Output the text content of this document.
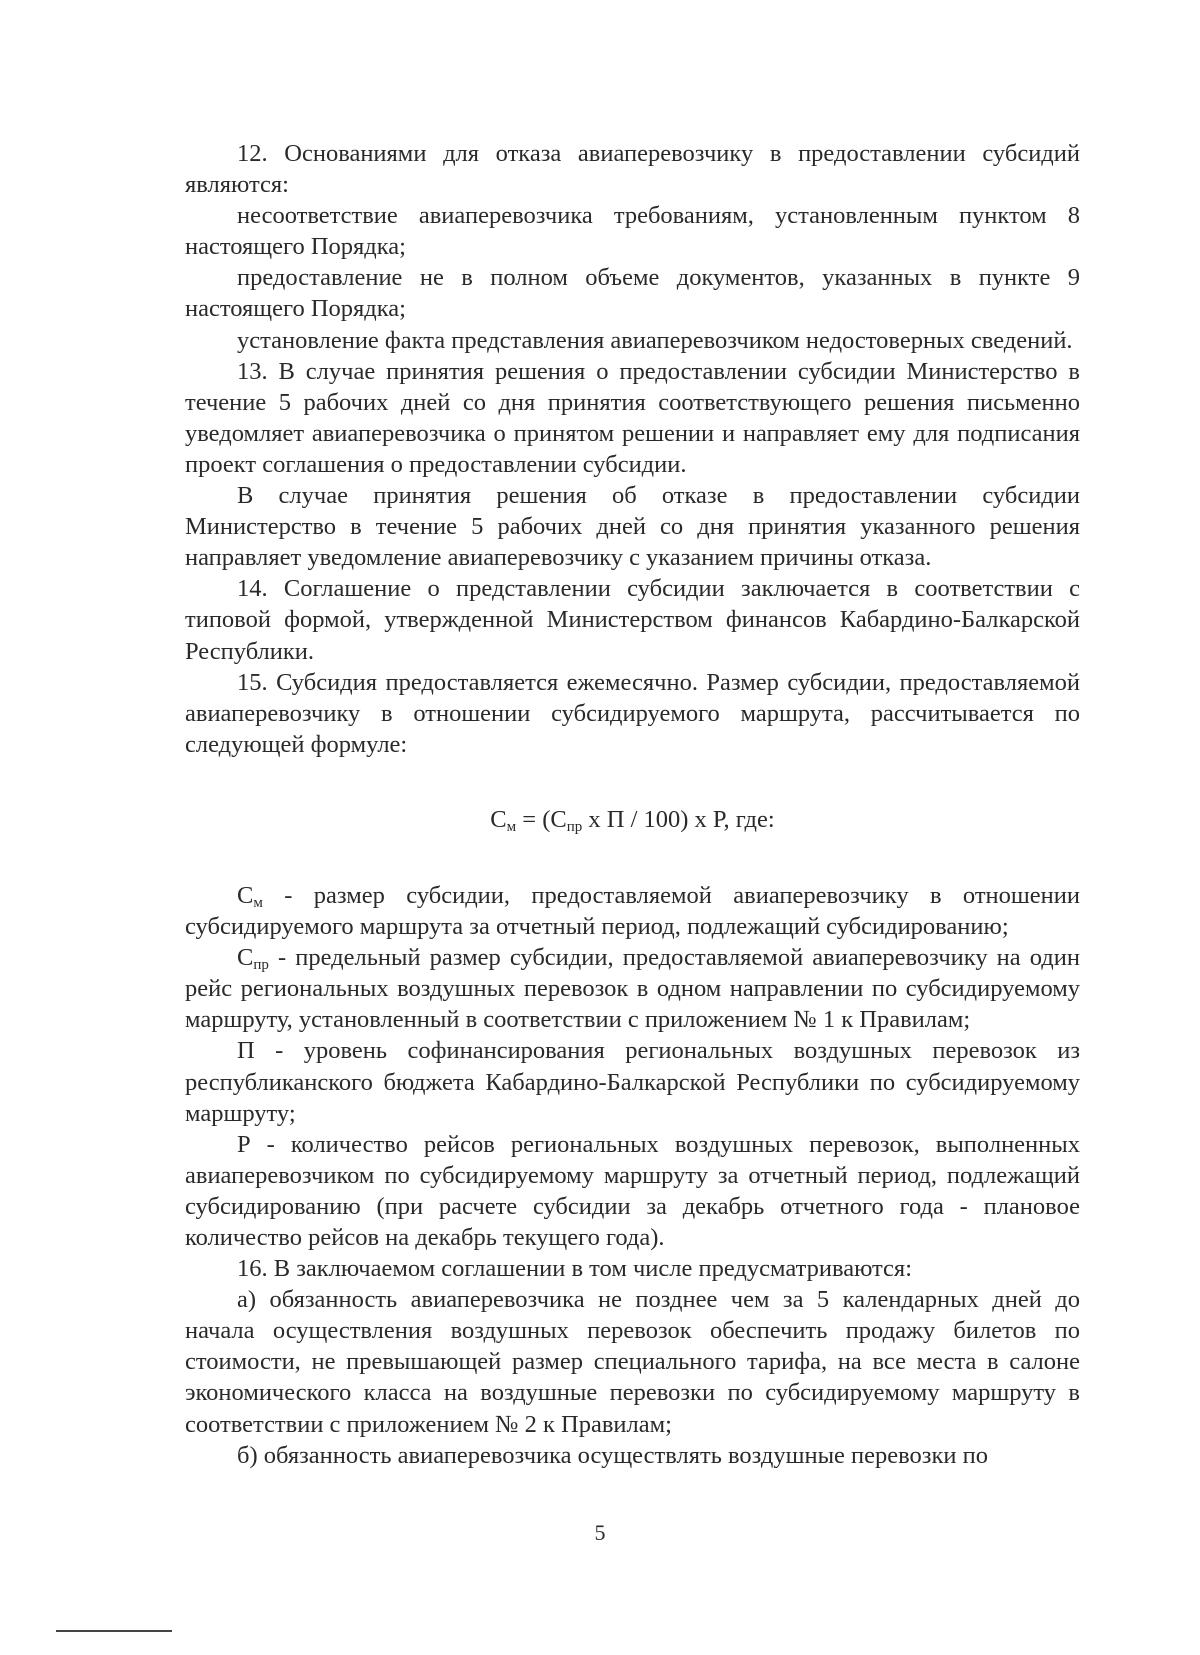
12. Основаниями для отказа авиаперевозчику в предоставлении субсидий являются:

несоответствие авиаперевозчика требованиям, установленным пунктом 8 настоящего Порядка;

предоставление не в полном объеме документов, указанных в пункте 9 настоящего Порядка;

установление факта представления авиаперевозчиком недостоверных сведений.

13. В случае принятия решения о предоставлении субсидии Министерство в течение 5 рабочих дней со дня принятия соответствующего решения письменно уведомляет авиаперевозчика о принятом решении и направляет ему для подписания проект соглашения о предоставлении субсидии.

В случае принятия решения об отказе в предоставлении субсидии Министерство в течение 5 рабочих дней со дня принятия указанного решения направляет уведомление авиаперевозчику с указанием причины отказа.

14. Соглашение о представлении субсидии заключается в соответствии с типовой формой, утвержденной Министерством финансов Кабардино-Балкарской Республики.

15. Субсидия предоставляется ежемесячно. Размер субсидии, предоставляемой авиаперевозчику в отношении субсидируемого маршрута, рассчитывается по следующей формуле:

$С_м = (С_{пр}$ х П / 100) х Р, где:

$С_м$ - размер субсидии, предоставляемой авиаперевозчику в отношении субсидируемого маршрута за отчетный период, подлежащий субсидированию;

$С_{пр}$ - предельный размер субсидии, предоставляемой авиаперевозчику на один рейс региональных воздушных перевозок в одном направлении по субсидируемому маршруту, установленный в соответствии с приложением № 1 к Правилам;

П - уровень софинансирования региональных воздушных перевозок из республиканского бюджета Кабардино-Балкарской Республики по субсидируемому маршруту;

Р - количество рейсов региональных воздушных перевозок, выполненных авиаперевозчиком по субсидируемому маршруту за отчетный период, подлежащий субсидированию (при расчете субсидии за декабрь отчетного года - плановое количество рейсов на декабрь текущего года).

16. В заключаемом соглашении в том числе предусматриваются:

а) обязанность авиаперевозчика не позднее чем за 5 календарных дней до начала осуществления воздушных перевозок обеспечить продажу билетов по стоимости, не превышающей размер специального тарифа, на все места в салоне экономического класса на воздушные перевозки по субсидируемому маршруту в соответствии с приложением № 2 к Правилам;

б) обязанность авиаперевозчика осуществлять воздушные перевозки по

5
